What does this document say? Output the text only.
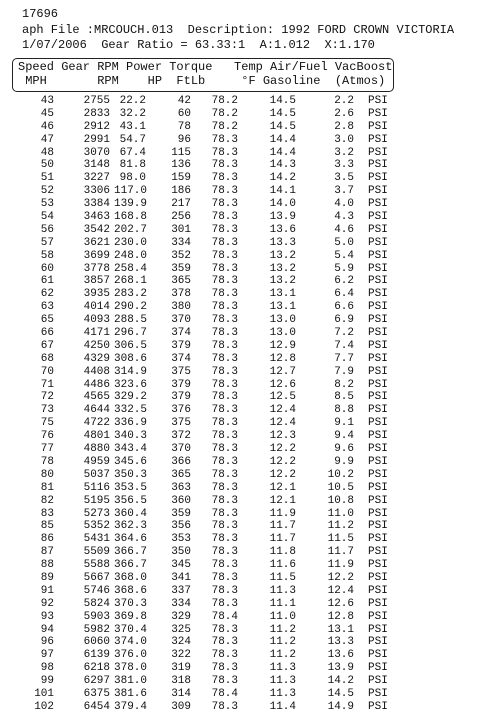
17696
aph File :MRCOUCH.013  Description: 1992 FORD CROWN VICTORIA
1/07/2006  Gear Ratio = 63.33:1  A:1.012  X:1.170
Speed Gear RPM Power Torque   Temp Air/Fuel VacBoost
MPH       RPM    HP  FtLb     °F Gasoline  (Atmos)
43	2755 22.2	42	78.2	14.5	2.2 PSI
45	2833 32.2	60	78.2	14.5	2.6 PSI
46	2912 43.1	78	78.2	14.5	2.8 PSI
47	2991 54.7	96	78.3	14.4	3.0 PSI
48	3070 67.4	115	78.3	14.4	3.2 PSI
50	3148 81.8	136	78.3	14.3	3.3 PSI
51	3227 98.0	159	78.3	14.2	3.5 PSI
52	3306 117.0	186	78.3	14.1	3.7 PSI
53	3384 139.9	217	78.3	14.0	4.0 PSI
54	3463 168.8	256	78.3	13.9	4.3 PSI
56	3542 202.7	301	78.3	13.6	4.6 PSI
57	3621 230.0	334	78.3	13.3	5.0 PSI
58	3699 248.0	352	78.3	13.2	5.4 PSI
60	3778 258.4	359	78.3	13.2	5.9 PSI
61	3857 268.1	365	78.3	13.2	6.2 PSI
62	3935 283.2	378	78.3	13.1	6.4 PSI
63	4014 290.2	380	78.3	13.1	6.6 PSI
65	4093 288.5	370	78.3	13.0	6.9 PSI
66	4171 296.7	374	78.3	13.0	7.2 PSI
67	4250 306.5	379	78.3	12.9	7.4 PSI
68	4329 308.6	374	78.3	12.8	7.7 PSI
70	4408 314.9	375	78.3	12.7	7.9 PSI
71	4486 323.6	379	78.3	12.6	8.2 PSI
72	4565 329.2	379	78.3	12.5	8.5 PSI
73	4644 332.5	376	78.3	12.4	8.8 PSI
75	4722 336.9	375	78.3	12.4	9.1 PSI
76	4801 340.3	372	78.3	12.3	9.4 PSI
77	4880 343.4	370	78.3	12.2	9.6 PSI
78	4959 345.6	366	78.3	12.2	9.9 PSI
80	5037 350.3	365	78.3	12.2	10.2 PSI
81	5116 353.5	363	78.3	12.1	10.5 PSI
82	5195 356.5	360	78.3	12.1	10.8 PSI
83	5273 360.4	359	78.3	11.9	11.0 PSI
85	5352 362.3	356	78.3	11.7	11.2 PSI
86	5431 364.6	353	78.3	11.7	11.5 PSI
87	5509 366.7	350	78.3	11.8	11.7 PSI
88	5588 366.7	345	78.3	11.6	11.9 PSI
89	5667 368.0	341	78.3	11.5	12.2 PSI
91	5746 368.6	337	78.3	11.3	12.4 PSI
92	5824 370.3	334	78.3	11.1	12.6 PSI
93	5903 369.8	329	78.4	11.0	12.8 PSI
94	5982 370.4	325	78.3	11.2	13.1 PSI
96	6060 374.0	324	78.3	11.2	13.3 PSI
97	6139 376.0	322	78.3	11.2	13.6 PSI
98	6218 378.0	319	78.3	11.3	13.9 PSI
99	6297 381.0	318	78.3	11.3	14.2 PSI
101	6375 381.6	314	78.4	11.3	14.5 PSI
102	6454 379.4	309	78.3	11.4	14.9 PSI
